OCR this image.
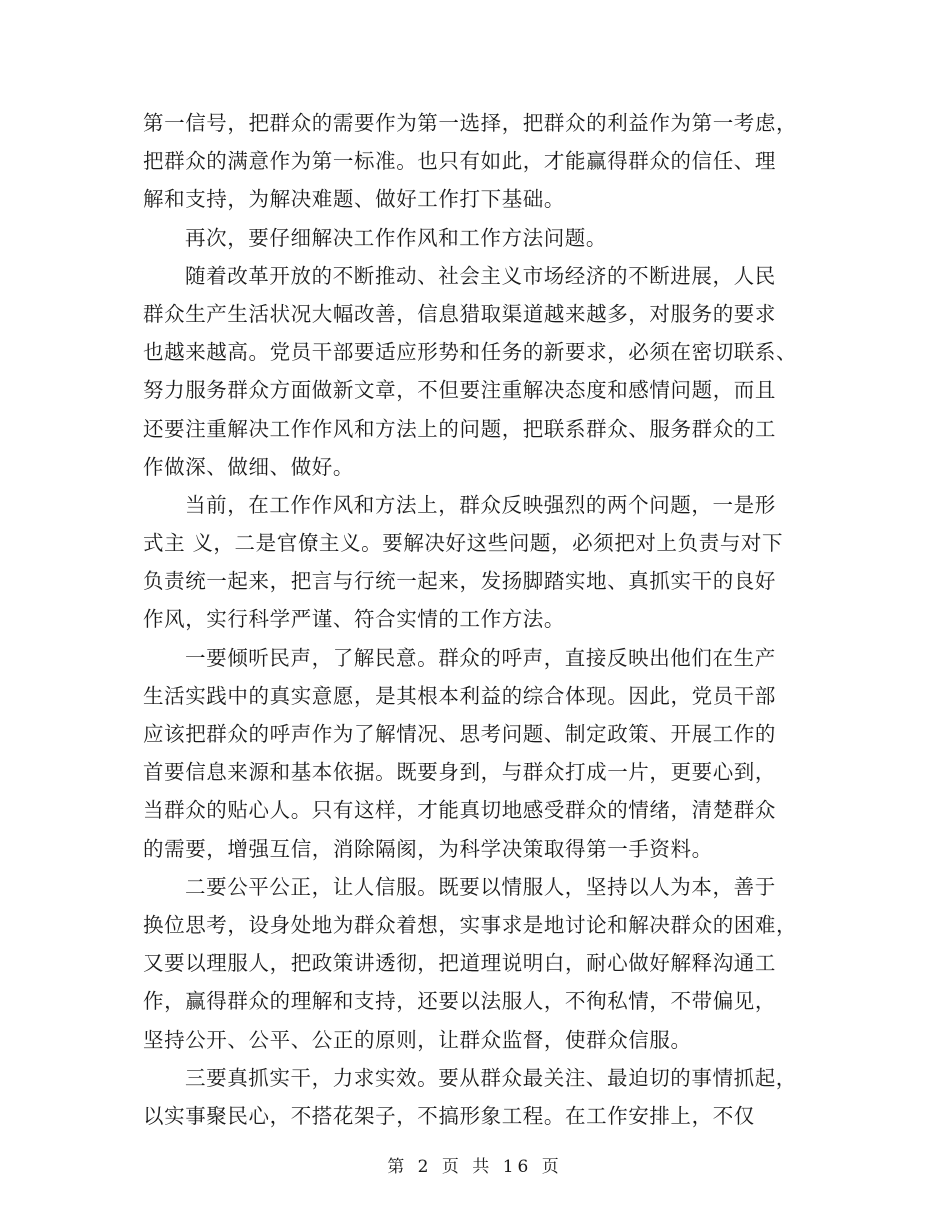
第一信号，把群众的需要作为第一选择，把群众的利益作为第一考虑，
把群众的满意作为第一标准。也只有如此，才能赢得群众的信任、理
解和支持，为解决难题、做好工作打下基础。
再次，要仔细解决工作作风和工作方法问题。
随着改革开放的不断推动、社会主义市场经济的不断进展，人民
群众生产生活状况大幅改善，信息猎取渠道越来越多，对服务的要求
也越来越高。党员干部要适应形势和任务的新要求，必须在密切联系、
努力服务群众方面做新文章，不但要注重解决态度和感情问题，而且
还要注重解决工作作风和方法上的问题，把联系群众、服务群众的工
作做深、做细、做好。
当前，在工作作风和方法上，群众反映强烈的两个问题，一是形
式主 义，二是官僚主义。要解决好这些问题，必须把对上负责与对下
负责统一起来，把言与行统一起来，发扬脚踏实地、真抓实干的良好
作风，实行科学严谨、符合实情的工作方法。
一要倾听民声，了解民意。群众的呼声，直接反映出他们在生产
生活实践中的真实意愿，是其根本利益的综合体现。因此，党员干部
应该把群众的呼声作为了解情况、思考问题、制定政策、开展工作的
首要信息来源和基本依据。既要身到，与群众打成一片，更要心到，
当群众的贴心人。只有这样，才能真切地感受群众的情绪，清楚群众
的需要，增强互信，消除隔阂，为科学决策取得第一手资料。
二要公平公正，让人信服。既要以情服人，坚持以人为本，善于
换位思考，设身处地为群众着想，实事求是地讨论和解决群众的困难，
又要以理服人，把政策讲透彻，把道理说明白，耐心做好解释沟通工
作，赢得群众的理解和支持，还要以法服人，不徇私情，不带偏见，
坚持公开、公平、公正的原则，让群众监督，使群众信服。
三要真抓实干，力求实效。要从群众最关注、最迫切的事情抓起，
以实事聚民心，不搭花架子，不搞形象工程。在工作安排上，不仅
第 2 页 共 16 页
